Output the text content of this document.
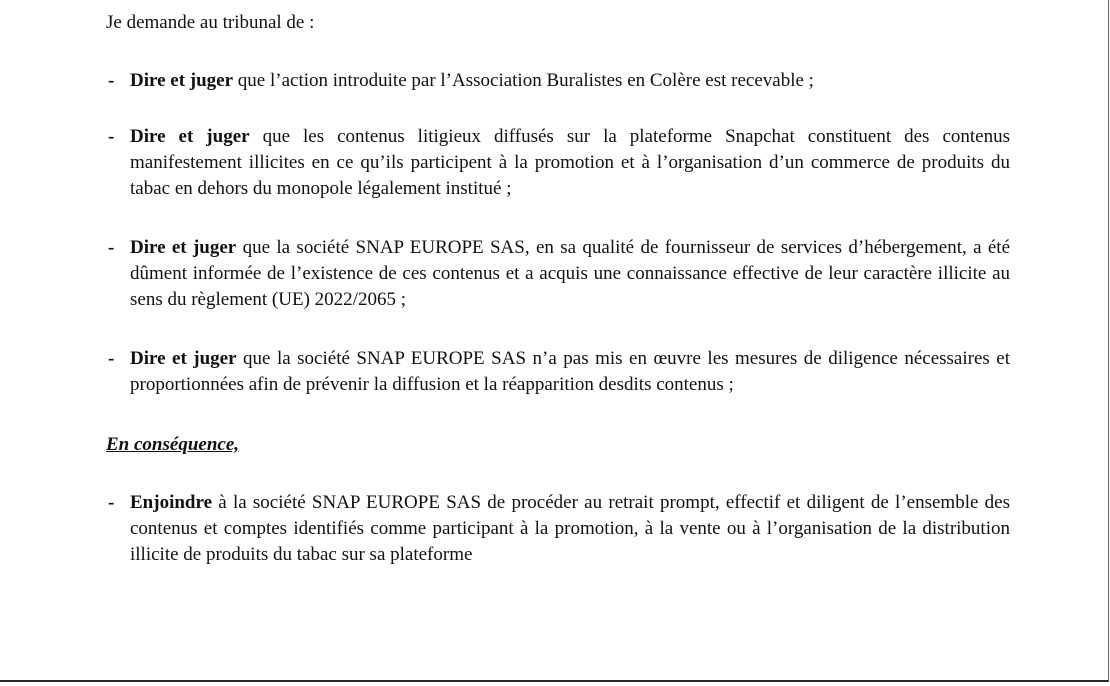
Je demande au tribunal de :

- Dire et juger que l’action introduite par l’Association Buralistes en Colère est recevable ;

- Dire et juger que les contenus litigieux diffusés sur la plateforme Snapchat constituent des contenus manifestement illicites en ce qu’ils participent à la promotion et à l’organisation d’un commerce de produits du tabac en dehors du monopole légalement institué ;

- Dire et juger que la société SNAP EUROPE SAS, en sa qualité de fournisseur de services d’hébergement, a été dûment informée de l’existence de ces contenus et a acquis une connaissance effective de leur caractère illicite au sens du règlement (UE) 2022/2065 ;

- Dire et juger que la société SNAP EUROPE SAS n’a pas mis en œuvre les mesures de diligence nécessaires et proportionnées afin de prévenir la diffusion et la réapparition desdits contenus ;

En conséquence,

- Enjoindre à la société SNAP EUROPE SAS de procéder au retrait prompt, effectif et diligent de l’ensemble des contenus et comptes identifiés comme participant à la promotion, à la vente ou à l’organisation de la distribution illicite de produits du tabac sur sa plateforme
